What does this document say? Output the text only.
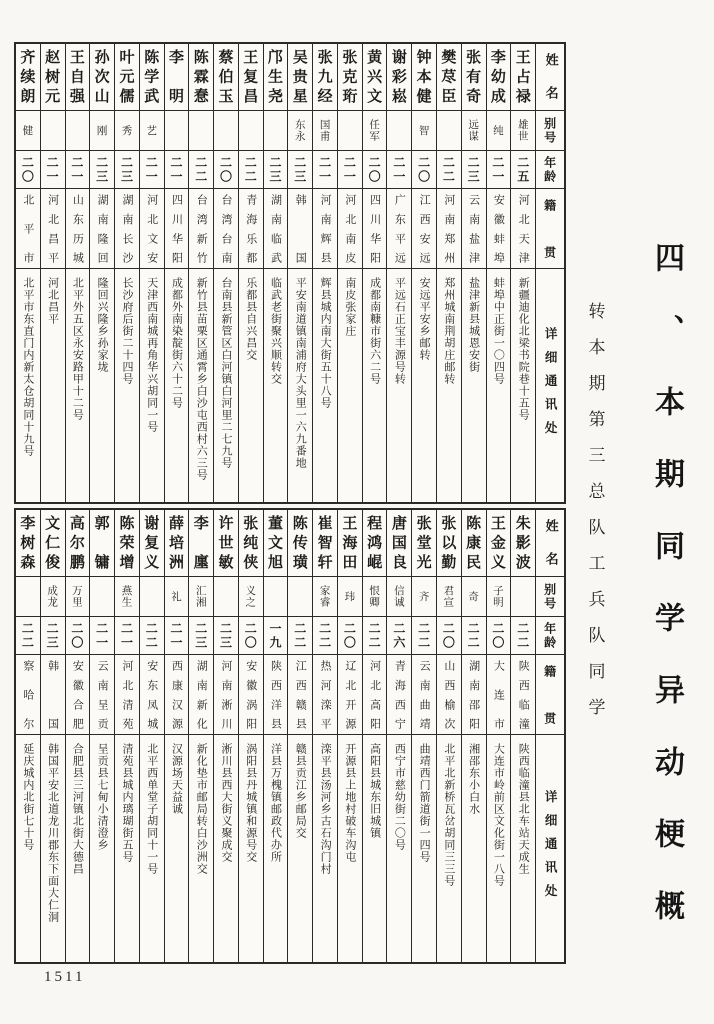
齐续朗
健
二〇
北平市
北平市东直门内新太仓胡同十九号
赵树元
二一
河北昌平
河北昌平
王自强
二一
山东历城
北平外五区永安路甲十二号
孙次山
刚
二三
湖南隆回
隆回兴隆乡孙家垅
叶元儒
秀
二三
湖南长沙
长沙府后街二十四号
陈学武
艺
二一
河北文安
天津西南城再角华兴胡同一号
李明
二一
四川华阳
成都外南染靛街六十二号
陈霖惷
二二
台湾新竹
新竹县苗栗区通霄乡白沙屯西村六三号
蔡伯玉
二〇
台湾台南
台南县新管区白河镇白河里二七九号
王复昌
二二
青海乐都
乐都县自兴昌交
邝生尧
二三
湖南临武
临武老街聚兴顺转交
吴贵星
东永
二三
韩国
平安南道镇南浦府大头里一六九番地
张九经
国甫
二一
河南辉县
辉县城内南大街五十八号
张克珩
二一
河北南皮
南皮张家庄
黄兴文
任军
二〇
四川华阳
成都南糠市街六二号
谢彩崧
二一
广东平远
平远石正宝丰源号转
钟本健
智
二〇
江西安远
安远平安乡邮转
樊荩臣
二二
河南郑州
郑州城南荆胡庄邮转
张有奇
远谋
二三
云南盐津
盐津新县城恩安街
李幼成
纯
二一
安徽蚌埠
蚌埠中正街一〇四号
王占禄
雄世
二五
河北天津
新疆迪化北梁书院巷十五号
姓名
别号
年龄
籍贯
详细通讯处
李树森
二二
察哈尔
延庆城内北街七十号
文仁俊
成龙
二三
韩国
韩国平安北道龙川郡东下面大仁洞
高尔鹏
万里
二〇
安徽合肥
合肥县三河镇北街大德昌
郭镛
二一
云南呈贡
呈贡县七甸小清澄乡
陈荣增
燕生
二一
河北清苑
清苑县城内璃瑚街五号
谢复义
二二
安东凤城
北平西单堂子胡同十一号
薛培洲
礼
二一
西康汉源
汉源场天益诚
李廛
汇湘
二三
湖南新化
新化垫市邮局转白沙洲交
许世敏
二三
河南淅川
淅川县西大街义聚成交
张纯侠
义之
二〇
安徽涡阳
涡阳县丹城镇和源号交
董文旭
一九
陕西洋县
洋县万槐镇邮政代办所
陈传璜
二二
江西赣县
赣县贡江乡邮局交
崔智轩
家睿
二二
热河滦平
滦平县汤河乡古石沟门村
王海田
玮
二〇
辽北开源
开源县上地村破车沟屯
程鸿崐
恨卿
二二
河北高阳
高阳县城东旧城镇
唐国良
信诚
二六
青海西宁
西宁市慈幼街二〇号
张堂光
齐
二二
云南曲靖
曲靖西门箭道街一四号
张以勤
君宣
二〇
山西榆次
北平北新桥瓦岔胡同三三号
陈康民
奇
二二
湖南邵阳
湘邵东小白水
王金义
子明
二〇
大连市
大连市岭前区文化街一八号
朱影波
二二
陕西临潼
陕西临潼县北车站天成生
姓名
别号
年龄
籍贯
详细通讯处
1511
转本期第三总队工兵队同学 四、本期同学异动梗概
